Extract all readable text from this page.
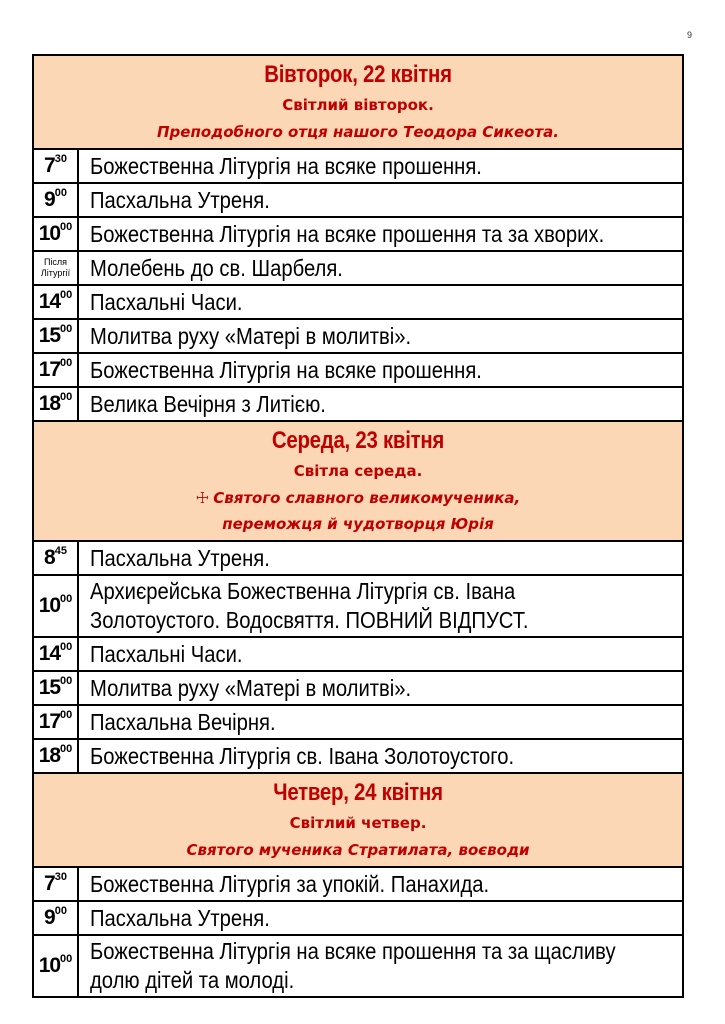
9
Вівторок, 22 квітня
Світлий вівторок.
Преподобного отця нашого Теодора Сикеота.	

$7^{30}$	Божественна Літургія на всяке прошення.
$9^{00}$	Пасхальна Утреня.
$10^{00}$	Божественна Літургія на всяке прошення та за хворих.
Після Літургії	Молебень до св. Шарбеля.
$14^{00}$	Пасхальні Часи.
$15^{00}$	Молитва руху «Матері в молитві».
$17^{00}$	Божественна Літургія на всяке прошення.
$18^{00}$	Велика Вечірня з Литією.

Середа, 23 квітня
Світла середа.
☩ Святого славного великомученика,
переможця й чудотворця Юрія	

$8^{45}$	Пасхальна Утреня.
$10^{00}$	Архиєрейська Божественна Літургія св. Івана
Золотоустого. Водосвяття. ПОВНИЙ ВІДПУСТ.
$14^{00}$	Пасхальні Часи.
$15^{00}$	Молитва руху «Матері в молитві».
$17^{00}$	Пасхальна Вечірня.
$18^{00}$	Божественна Літургія св. Івана Золотоустого.

Четвер, 24 квітня
Світлий четвер.
Святого мученика Стратилата, воєводи	

$7^{30}$	Божественна Літургія за упокій. Панахида.
$9^{00}$	Пасхальна Утреня.
$10^{00}$	Божественна Літургія на всяке прошення та за щасливу
долю дітей та молоді.
